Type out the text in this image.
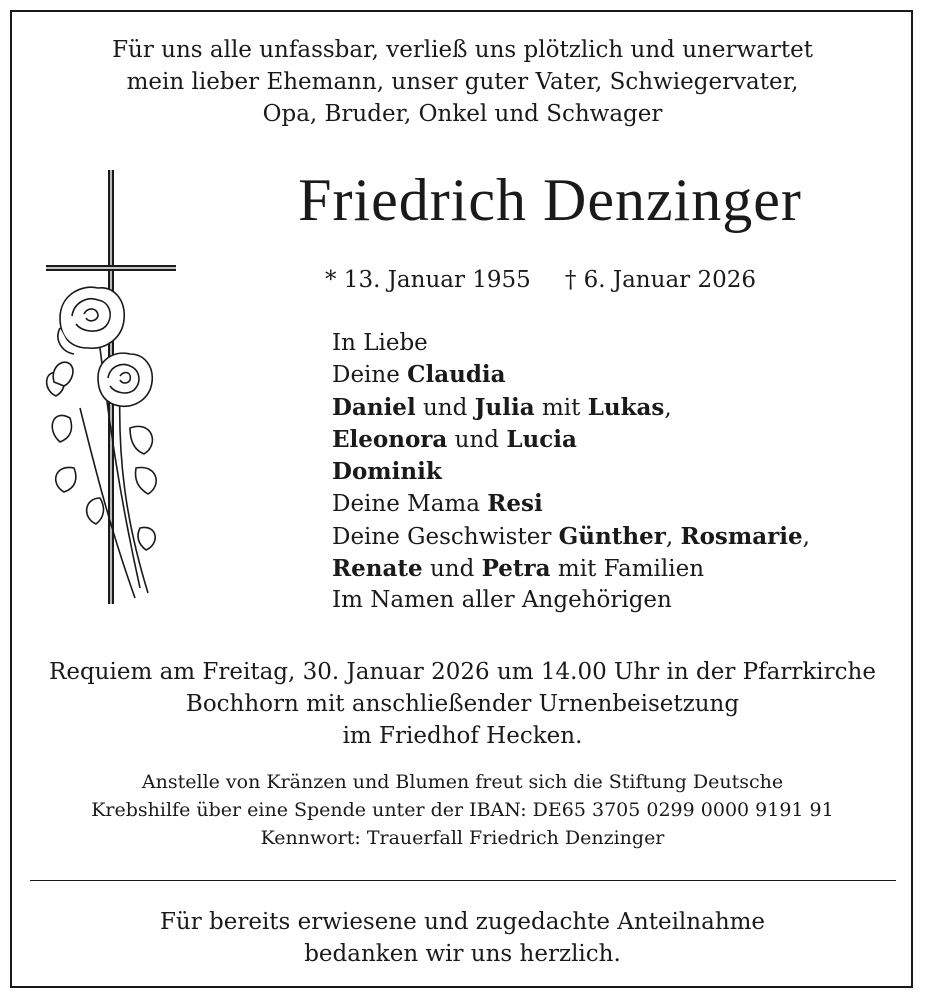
Für uns alle unfassbar, verließ uns plötzlich und unerwartet
mein lieber Ehemann, unser guter Vater, Schwiegervater,
Opa, Bruder, Onkel und Schwager
Friedrich Denzinger
* 13. Januar 1955 † 6. Januar 2026
In Liebe
Deine Claudia
Daniel und Julia mit Lukas,
Eleonora und Lucia
Dominik
Deine Mama Resi
Deine Geschwister Günther, Rosmarie,
Renate und Petra mit Familien
Im Namen aller Angehörigen
Requiem am Freitag, 30. Januar 2026 um 14.00 Uhr in der Pfarrkirche
Bochhorn mit anschließender Urnenbeisetzung
im Friedhof Hecken.
Anstelle von Kränzen und Blumen freut sich die Stiftung Deutsche
Krebshilfe über eine Spende unter der IBAN: DE65 3705 0299 0000 9191 91
Kennwort: Trauerfall Friedrich Denzinger
Für bereits erwiesene und zugedachte Anteilnahme
bedanken wir uns herzlich.
